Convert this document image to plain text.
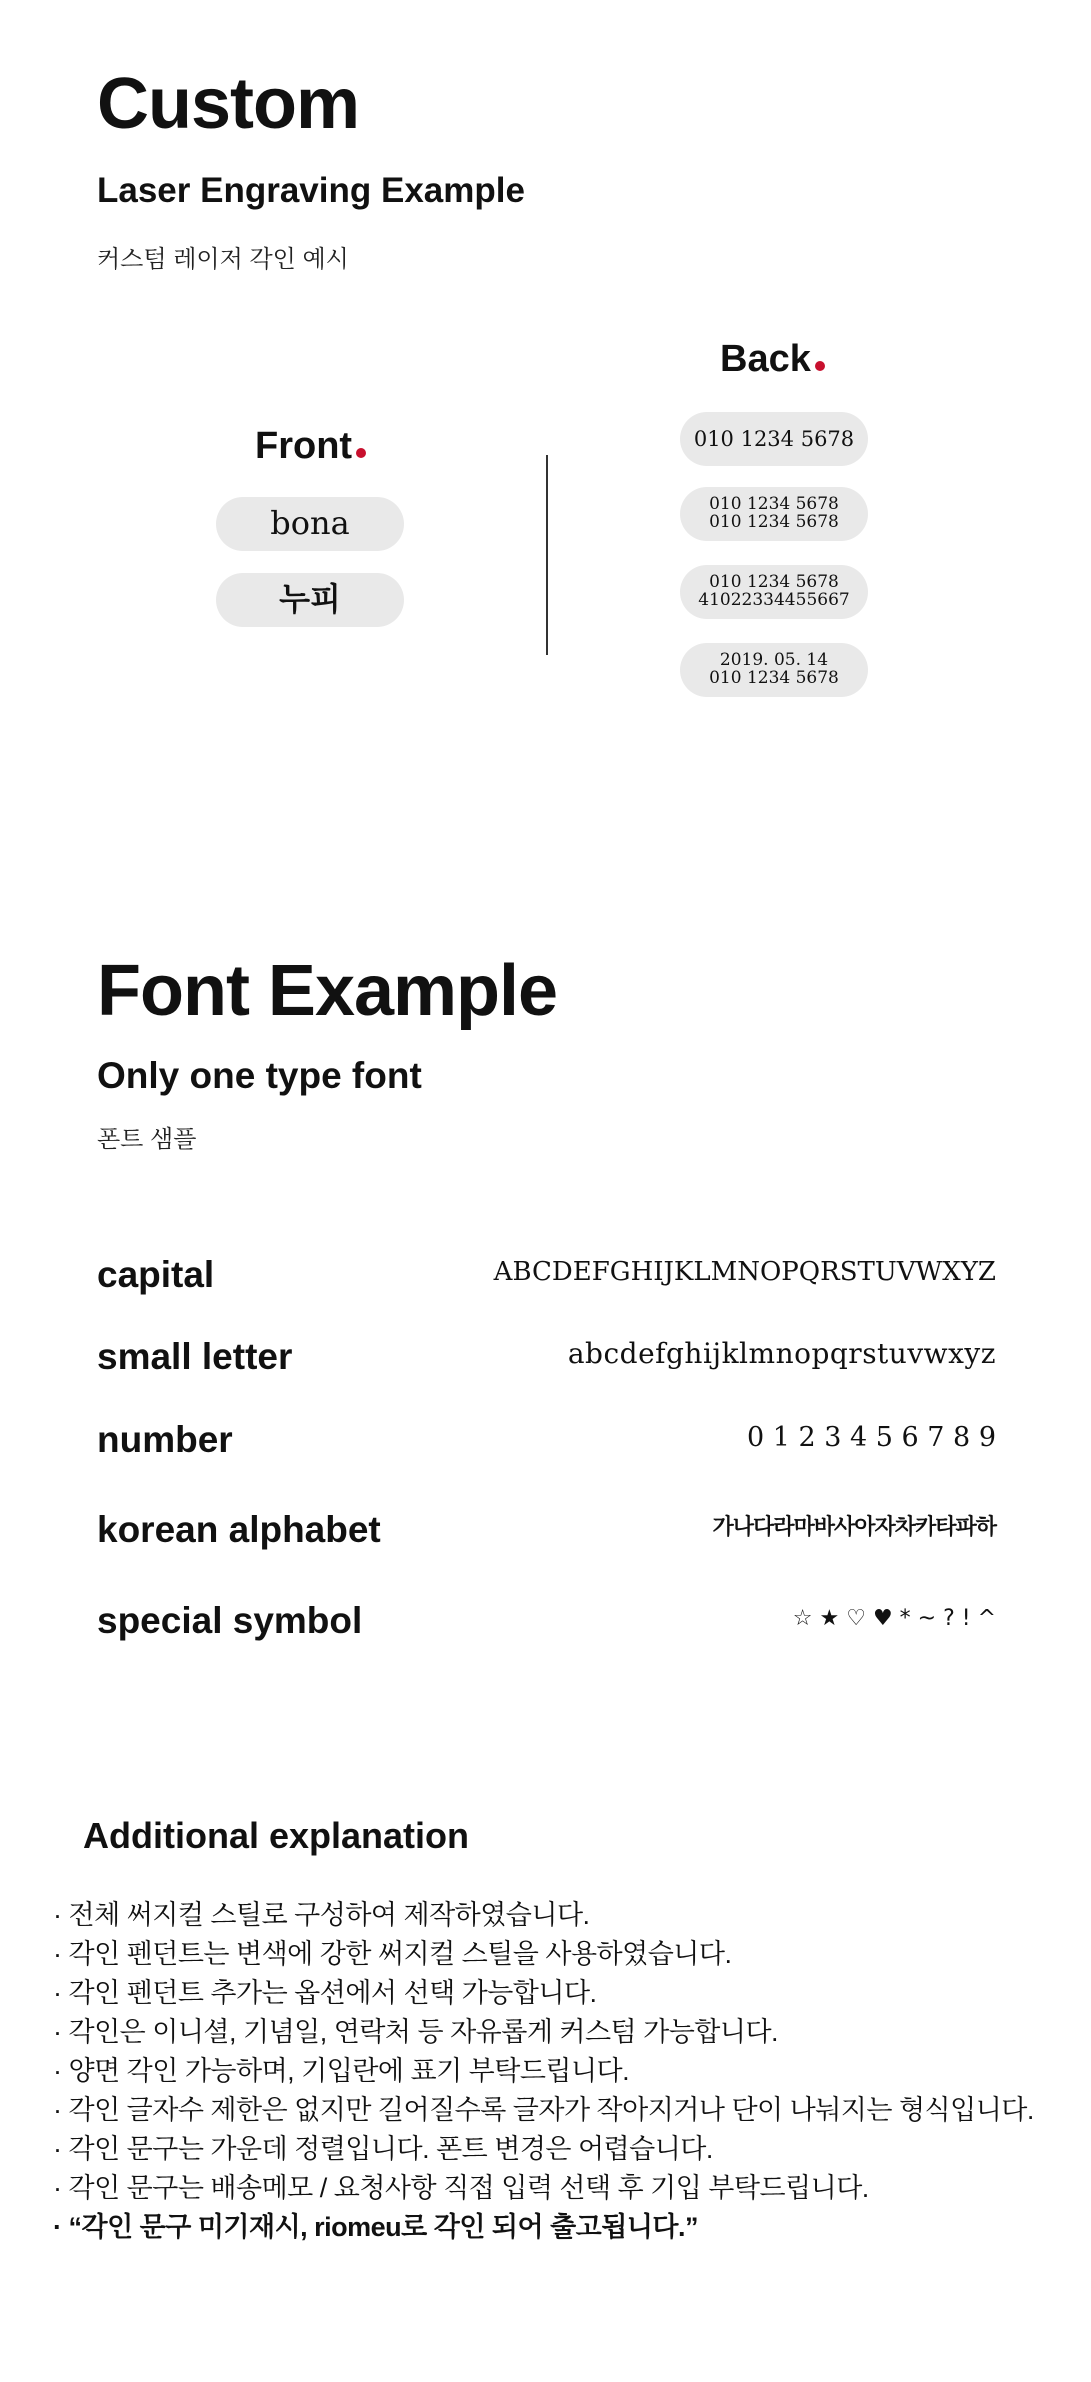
Custom
Laser Engraving Example
커스텀 레이저 각인 예시
Front
bona
누피
Back
010 1234 5678
010 1234 5678
010 1234 5678
010 1234 5678
41022334455667
2019. 05. 14
010 1234 5678
Font Example
Only one type font
폰트 샘플
capital	ABCDEFGHIJKLMNOPQRSTUVWXYZ
small letter	abcdefghijklmnopqrstuvwxyz
number	0 1 2 3 4 5 6 7 8 9
korean alphabet	가나다라마바사아자차카타파하
special symbol	☆ ★ ♡ ♥ * ~ ? ! ^
Additional explanation
· 전체 써지컬 스틸로 구성하여 제작하였습니다.
· 각인 펜던트는 변색에 강한 써지컬 스틸을 사용하였습니다.
· 각인 펜던트 추가는 옵션에서 선택 가능합니다.
· 각인은 이니셜, 기념일, 연락처 등 자유롭게 커스텀 가능합니다.
· 양면 각인 가능하며, 기입란에 표기 부탁드립니다.
· 각인 글자수 제한은 없지만 길어질수록 글자가 작아지거나 단이 나눠지는 형식입니다.
· 각인 문구는 가운데 정렬입니다. 폰트 변경은 어렵습니다.
· 각인 문구는 배송메모 / 요청사항 직접 입력 선택 후 기입 부탁드립니다.
· “각인 문구 미기재시, riomeu로 각인 되어 출고됩니다.”
